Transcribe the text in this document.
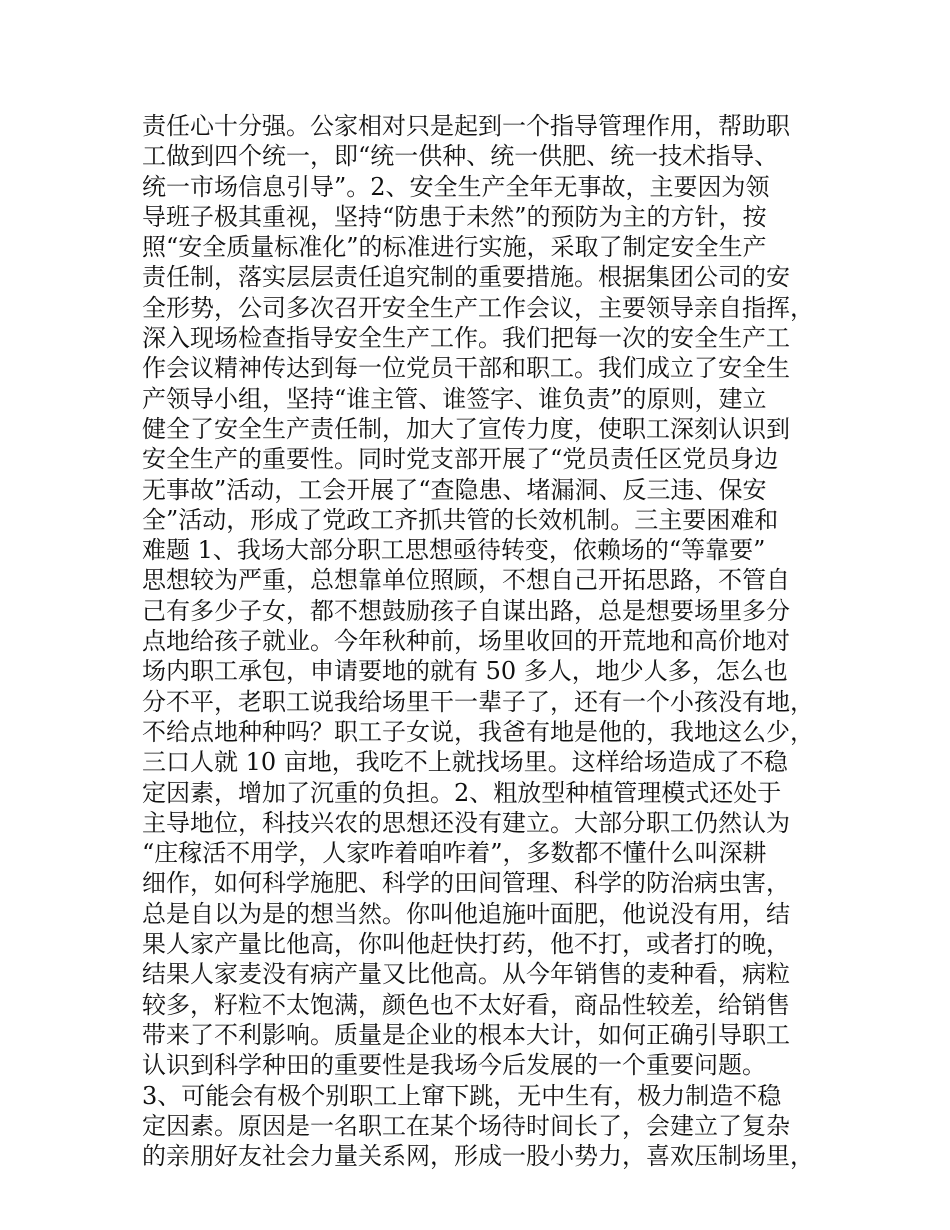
责任心十分强。公家相对只是起到一个指导管理作用，帮助职
工做到四个统一，即“统一供种、统一供肥、统一技术指导、
统一市场信息引导”。2、安全生产全年无事故，主要因为领
导班子极其重视，坚持“防患于未然”的预防为主的方针，按
照“安全质量标准化”的标准进行实施，采取了制定安全生产
责任制，落实层层责任追究制的重要措施。根据集团公司的安
全形势，公司多次召开安全生产工作会议，主要领导亲自指挥，
深入现场检查指导安全生产工作。我们把每一次的安全生产工
作会议精神传达到每一位党员干部和职工。我们成立了安全生
产领导小组，坚持“谁主管、谁签字、谁负责”的原则，建立
健全了安全生产责任制，加大了宣传力度，使职工深刻认识到
安全生产的重要性。同时党支部开展了“党员责任区党员身边
无事故”活动，工会开展了“查隐患、堵漏洞、反三违、保安
全”活动，形成了党政工齐抓共管的长效机制。三主要困难和
难题 1、我场大部分职工思想亟待转变，依赖场的“等靠要”
思想较为严重，总想靠单位照顾，不想自己开拓思路，不管自
己有多少子女，都不想鼓励孩子自谋出路，总是想要场里多分
点地给孩子就业。今年秋种前，场里收回的开荒地和高价地对
场内职工承包，申请要地的就有 50 多人，地少人多，怎么也
分不平，老职工说我给场里干一辈子了，还有一个小孩没有地，
不给点地种种吗？职工子女说，我爸有地是他的，我地这么少，
三口人就 10 亩地，我吃不上就找场里。这样给场造成了不稳
定因素，增加了沉重的负担。2、粗放型种植管理模式还处于
主导地位，科技兴农的思想还没有建立。大部分职工仍然认为
“庄稼活不用学，人家咋着咱咋着”，多数都不懂什么叫深耕
细作，如何科学施肥、科学的田间管理、科学的防治病虫害，
总是自以为是的想当然。你叫他追施叶面肥，他说没有用，结
果人家产量比他高，你叫他赶快打药，他不打，或者打的晚，
结果人家麦没有病产量又比他高。从今年销售的麦种看，病粒
较多，籽粒不太饱满，颜色也不太好看，商品性较差，给销售
带来了不利影响。质量是企业的根本大计，如何正确引导职工
认识到科学种田的重要性是我场今后发展的一个重要问题。
3、可能会有极个别职工上窜下跳，无中生有，极力制造不稳
定因素。原因是一名职工在某个场待时间长了，会建立了复杂
的亲朋好友社会力量关系网，形成一股小势力，喜欢压制场里，
